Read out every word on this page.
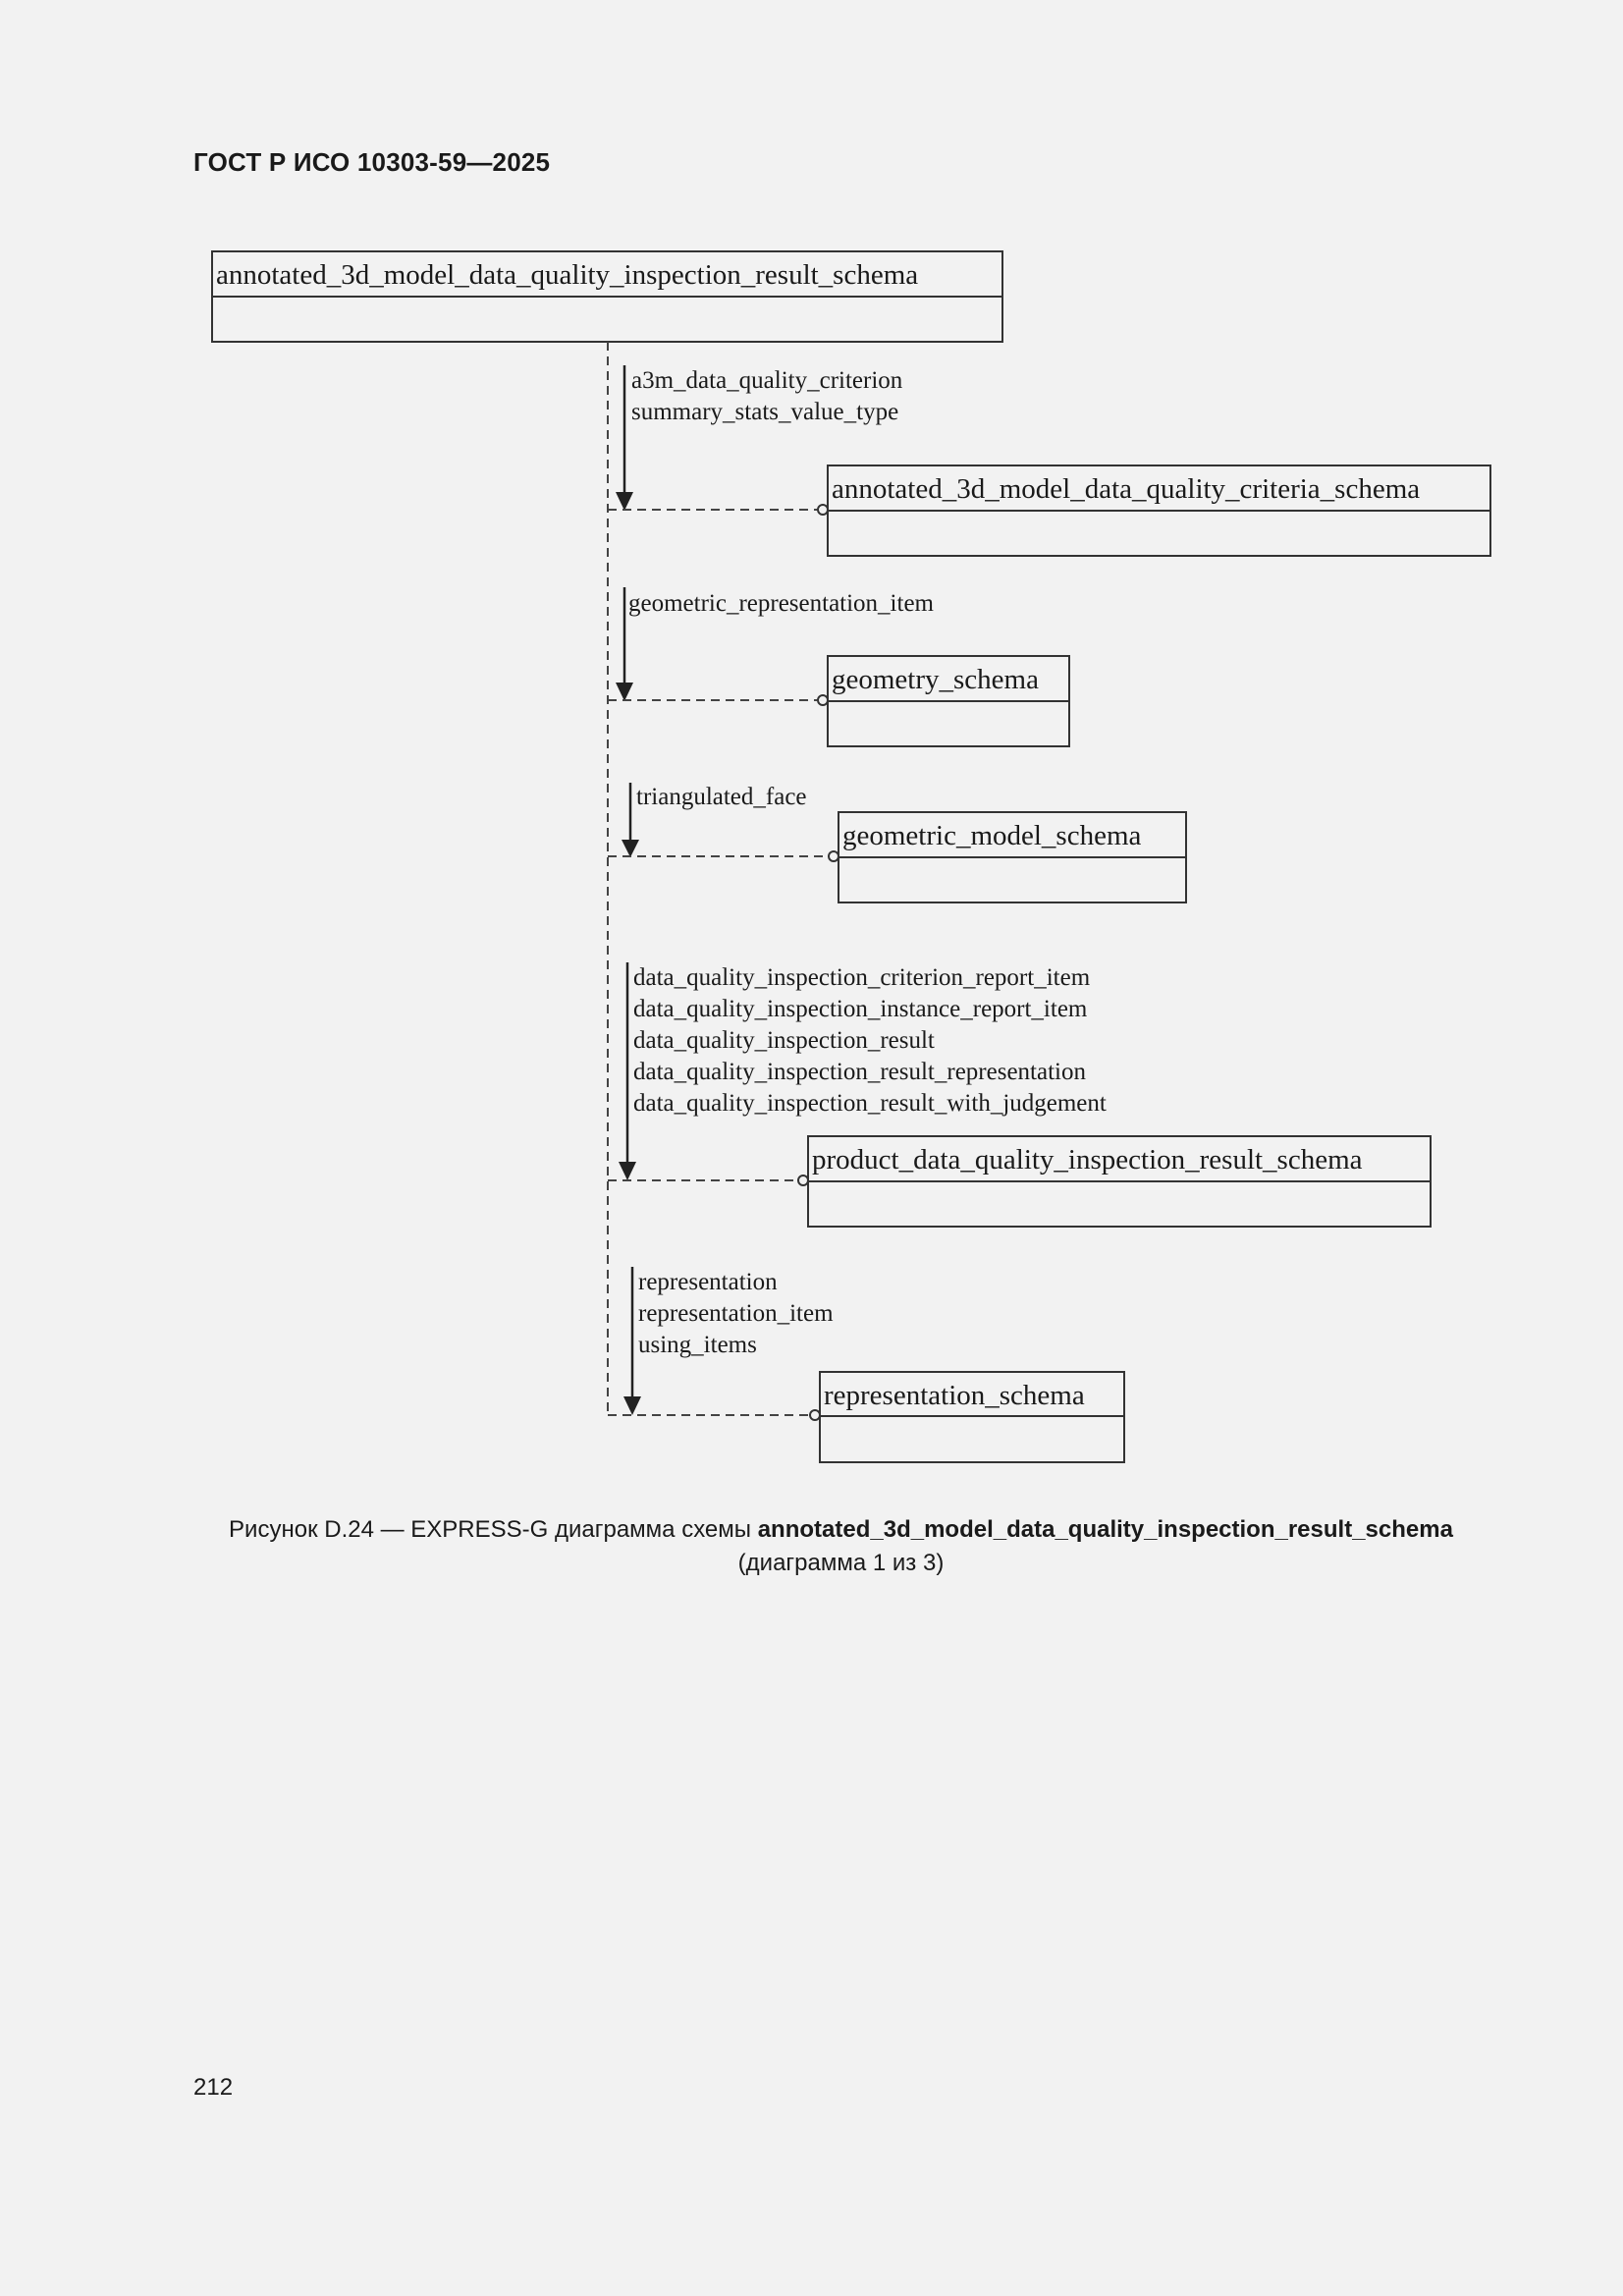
ГОСТ Р ИСО 10303-59—2025
annotated_3d_model_data_quality_inspection_result_schema
a3m_data_quality_criterion
summary_stats_value_type
annotated_3d_model_data_quality_criteria_schema
geometric_representation_item
geometry_schema
triangulated_face
geometric_model_schema
data_quality_inspection_criterion_report_item
data_quality_inspection_instance_report_item
data_quality_inspection_result
data_quality_inspection_result_representation
data_quality_inspection_result_with_judgement
product_data_quality_inspection_result_schema
representation
representation_item
using_items
representation_schema
Рисунок D.24 — EXPRESS-G диаграмма схемы annotated_3d_model_data_quality_inspection_result_schema
(диаграмма 1 из 3)
212
